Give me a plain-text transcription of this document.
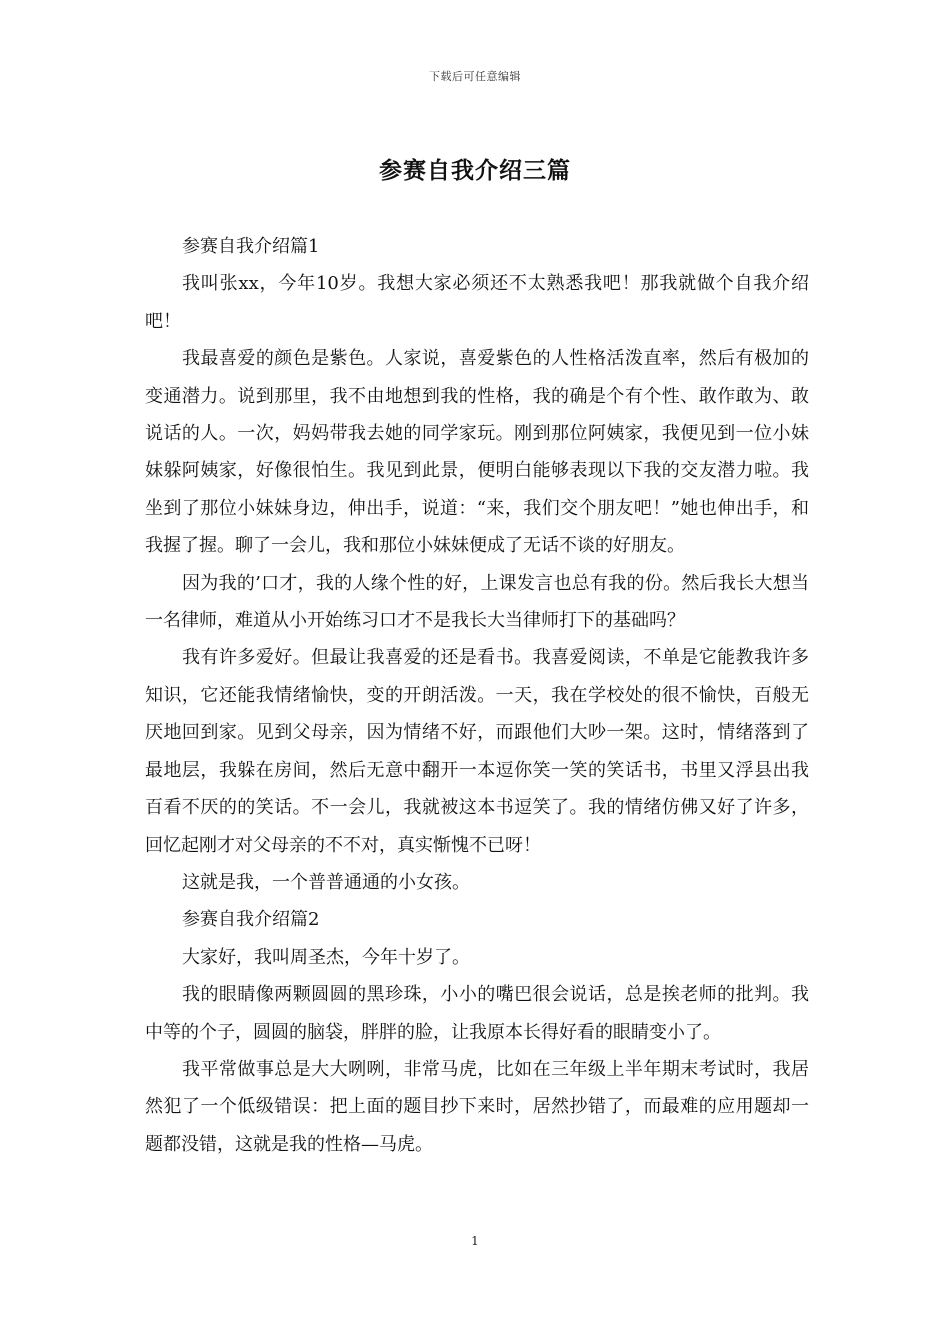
下载后可任意编辑
参赛自我介绍三篇

参赛自我介绍篇1

我叫张xx，今年10岁。我想大家必须还不太熟悉我吧！那我就做个自我介绍吧！

我最喜爱的颜色是紫色。人家说，喜爱紫色的人性格活泼直率，然后有极加的变通潜力。说到那里，我不由地想到我的性格，我的确是个有个性、敢作敢为、敢说话的人。一次，妈妈带我去她的同学家玩。刚到那位阿姨家，我便见到一位小妹妹躲阿姨家，好像很怕生。我见到此景，便明白能够表现以下我的交友潜力啦。我坐到了那位小妹妹身边，伸出手，说道：“来，我们交个朋友吧！”她也伸出手，和我握了握。聊了一会儿，我和那位小妹妹便成了无话不谈的好朋友。

因为我的’口才，我的人缘个性的好，上课发言也总有我的份。然后我长大想当一名律师，难道从小开始练习口才不是我长大当律师打下的基础吗？

我有许多爱好。但最让我喜爱的还是看书。我喜爱阅读，不单是它能教我许多知识，它还能我情绪愉快，变的开朗活泼。一天，我在学校处的很不愉快，百般无厌地回到家。见到父母亲，因为情绪不好，而跟他们大吵一架。这时，情绪落到了最地层，我躲在房间，然后无意中翻开一本逗你笑一笑的笑话书，书里又浮县出我百看不厌的的笑话。不一会儿，我就被这本书逗笑了。我的情绪仿佛又好了许多，回忆起刚才对父母亲的不不对，真实惭愧不已呀！

这就是我，一个普普通通的小女孩。

参赛自我介绍篇2

大家好，我叫周圣杰，今年十岁了。

我的眼睛像两颗圆圆的黑珍珠，小小的嘴巴很会说话，总是挨老师的批判。我中等的个子，圆圆的脑袋，胖胖的脸，让我原本长得好看的眼睛变小了。

我平常做事总是大大咧咧，非常马虎，比如在三年级上半年期末考试时，我居然犯了一个低级错误：把上面的题目抄下来时，居然抄错了，而最难的应用题却一题都没错，这就是我的性格—马虎。

1
